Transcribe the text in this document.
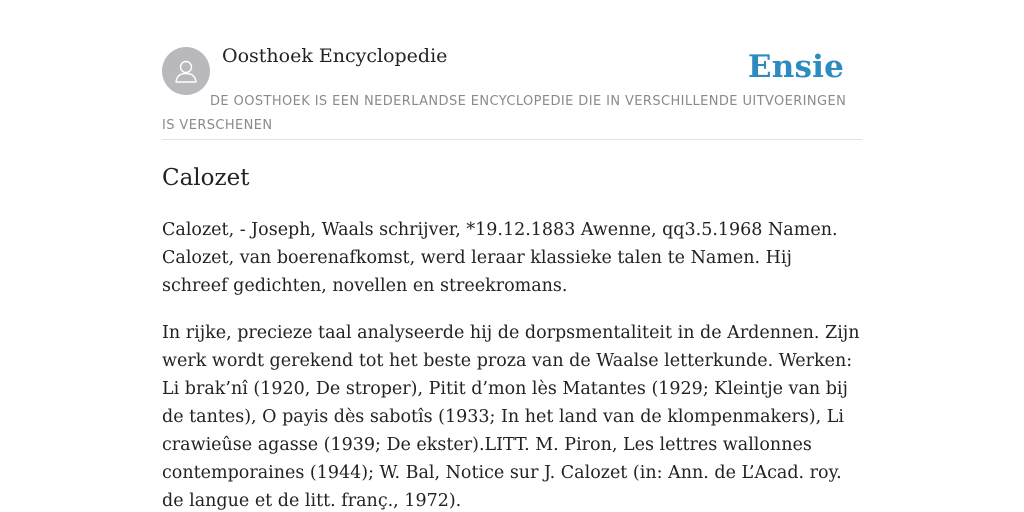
Oosthoek Encyclopedie	Ensie

DE OOSTHOEK IS EEN NEDERLANDSE ENCYCLOPEDIE DIE IN VERSCHILLENDE UITVOERINGEN IS VERSCHENEN

Calozet

Calozet, - Joseph, Waals schrijver, *19.12.1883 Awenne, qq3.5.1968 Namen. Calozet, van boerenafkomst, werd leraar klassieke talen te Namen. Hij schreef gedichten, novellen en streekromans.

In rijke, precieze taal analyseerde hij de dorpsmentaliteit in de Ardennen. Zijn werk wordt gerekend tot het beste proza van de Waalse letterkunde. Werken: Li brak’nî (1920, De stroper), Pitit d’mon lès Matantes (1929; Kleintje van bij de tantes), O payis dès sabotîs (1933; In het land van de klompenmakers), Li crawieûse agasse (1939; De ekster).LITT. M. Piron, Les lettres wallonnes contemporaines (1944); W. Bal, Notice sur J. Calozet (in: Ann. de L’Acad. roy. de langue et de litt. franç., 1972).
